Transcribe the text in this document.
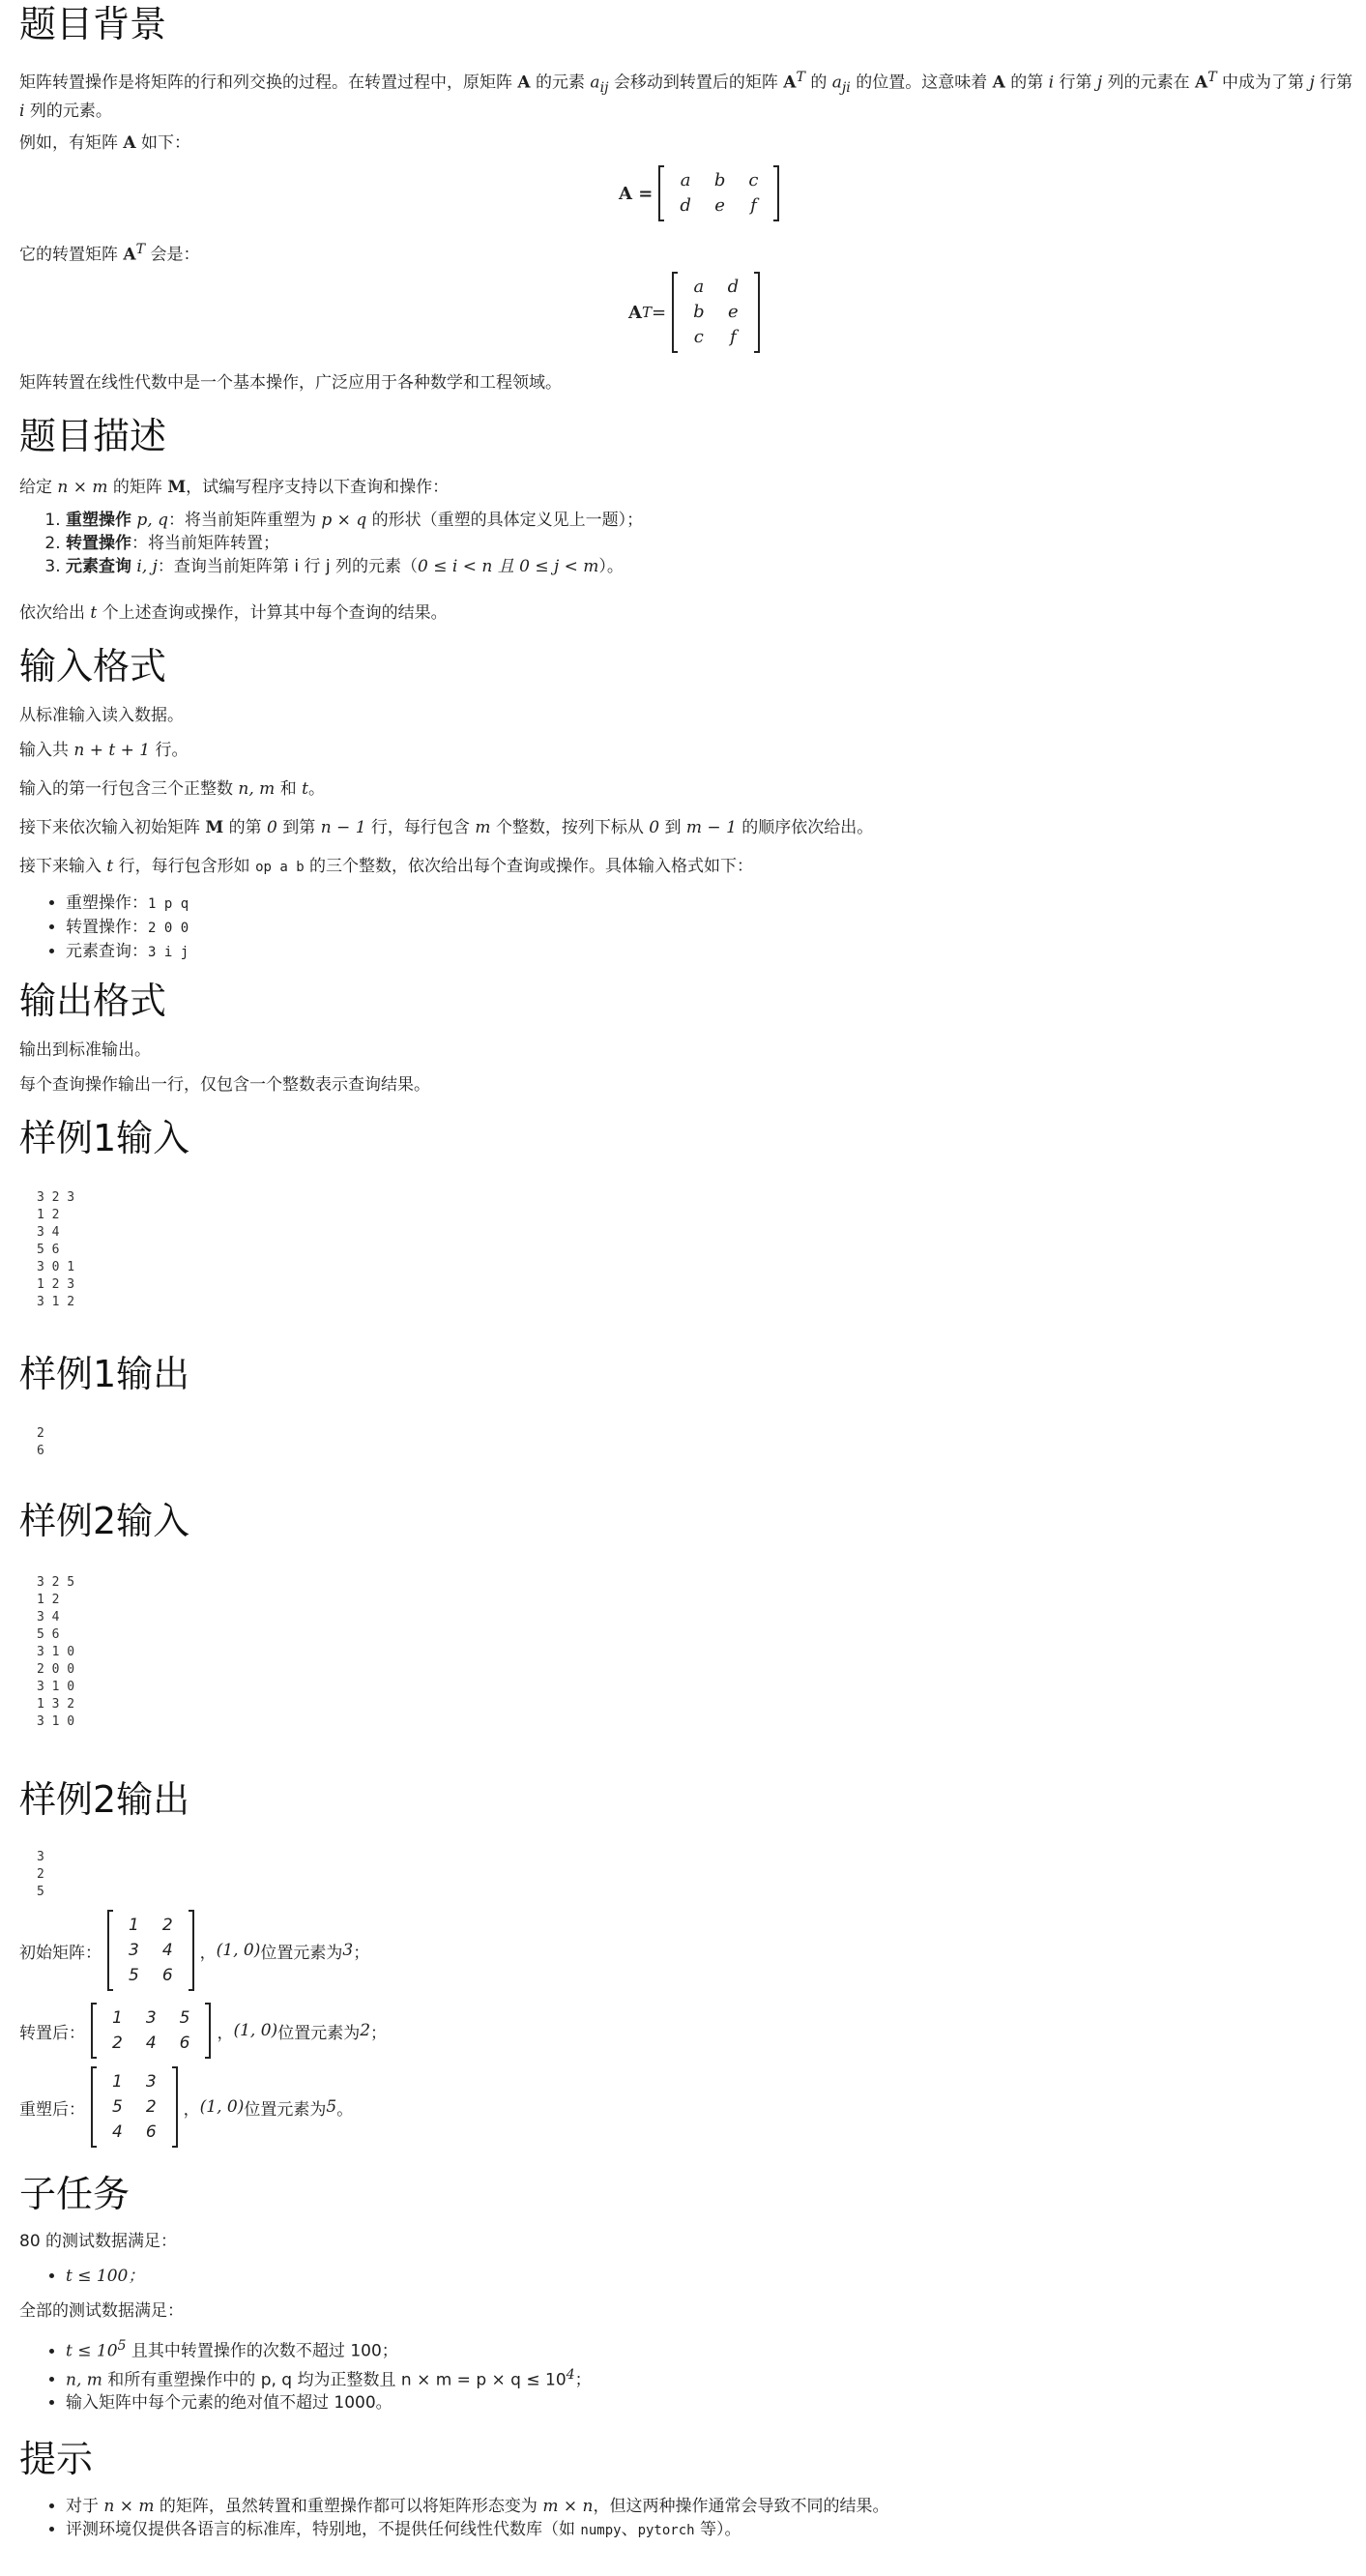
题目背景

矩阵转置操作是将矩阵的行和列交换的过程。在转置过程中，原矩阵 A 的元素 $a_{ij}$ 会移动到转置后的矩阵 $A^T$ 的 $a_{ji}$ 的位置。这意味着 A 的第 i 行第 j 列的元素在 $A^T$ 中成为了第 j 行第 i 列的元素。

例如，有矩阵 A 如下：

A =
a	b	c
d	e	f

它的转置矩阵 $A^T$ 会是：

A T =
a	d
b	e
c	f

矩阵转置在线性代数中是一个基本操作，广泛应用于各种数学和工程领域。

题目描述

给定 n × m 的矩阵 M，试编写程序支持以下查询和操作：

1. 重塑操作 p, q：将当前矩阵重塑为 p × q 的形状（重塑的具体定义见上一题）；
2. 转置操作：将当前矩阵转置；
3. 元素查询 i, j：查询当前矩阵第 i 行 j 列的元素（0 ≤ i < n 且 0 ≤ j < m）。

依次给出 t 个上述查询或操作，计算其中每个查询的结果。

输入格式

从标准输入读入数据。

输入共 n + t + 1 行。

输入的第一行包含三个正整数 n, m 和 t。

接下来依次输入初始矩阵 M 的第 0 到第 n − 1 行，每行包含 m 个整数，按列下标从 0 到 m − 1 的顺序依次给出。

接下来输入 t 行，每行包含形如 op a b 的三个整数，依次给出每个查询或操作。具体输入格式如下：

• 重塑操作：1 p q
• 转置操作：2 0 0
• 元素查询：3 i j
输出格式

输出到标准输出。

每个查询操作输出一行，仅包含一个整数表示查询结果。

样例1输入
3 2 3
1 2
3 4
5 6
3 0 1
1 2 3
3 1 2
样例1输出
2
6
样例2输入
3 2 5
1 2
3 4
5 6
3 1 0
2 0 0
3 1 0
1 3 2
3 1 0
样例2输出
3
2
5
初始矩阵：
1	2
3	4
5	6
， (1, 0) 位置元素为 3 ；
转置后：
1	3	5
2	4	6
， (1, 0) 位置元素为 2 ；
重塑后：
1	3
5	2
4	6
， (1, 0) 位置元素为 5 。
子任务

80 的测试数据满足：

• t ≤ 100；

全部的测试数据满足：

• $t \le 10^5$ 且其中转置操作的次数不超过 100；
• n, m 和所有重塑操作中的 p, q 均为正整数且 $n \times m = p \times q \le 10^4$；
• 输入矩阵中每个元素的绝对值不超过 1000。
提示
• 对于 n × m 的矩阵，虽然转置和重塑操作都可以将矩阵形态变为 m × n，但这两种操作通常会导致不同的结果。
• 评测环境仅提供各语言的标准库，特别地，不提供任何线性代数库（如 numpy、pytorch 等）。
